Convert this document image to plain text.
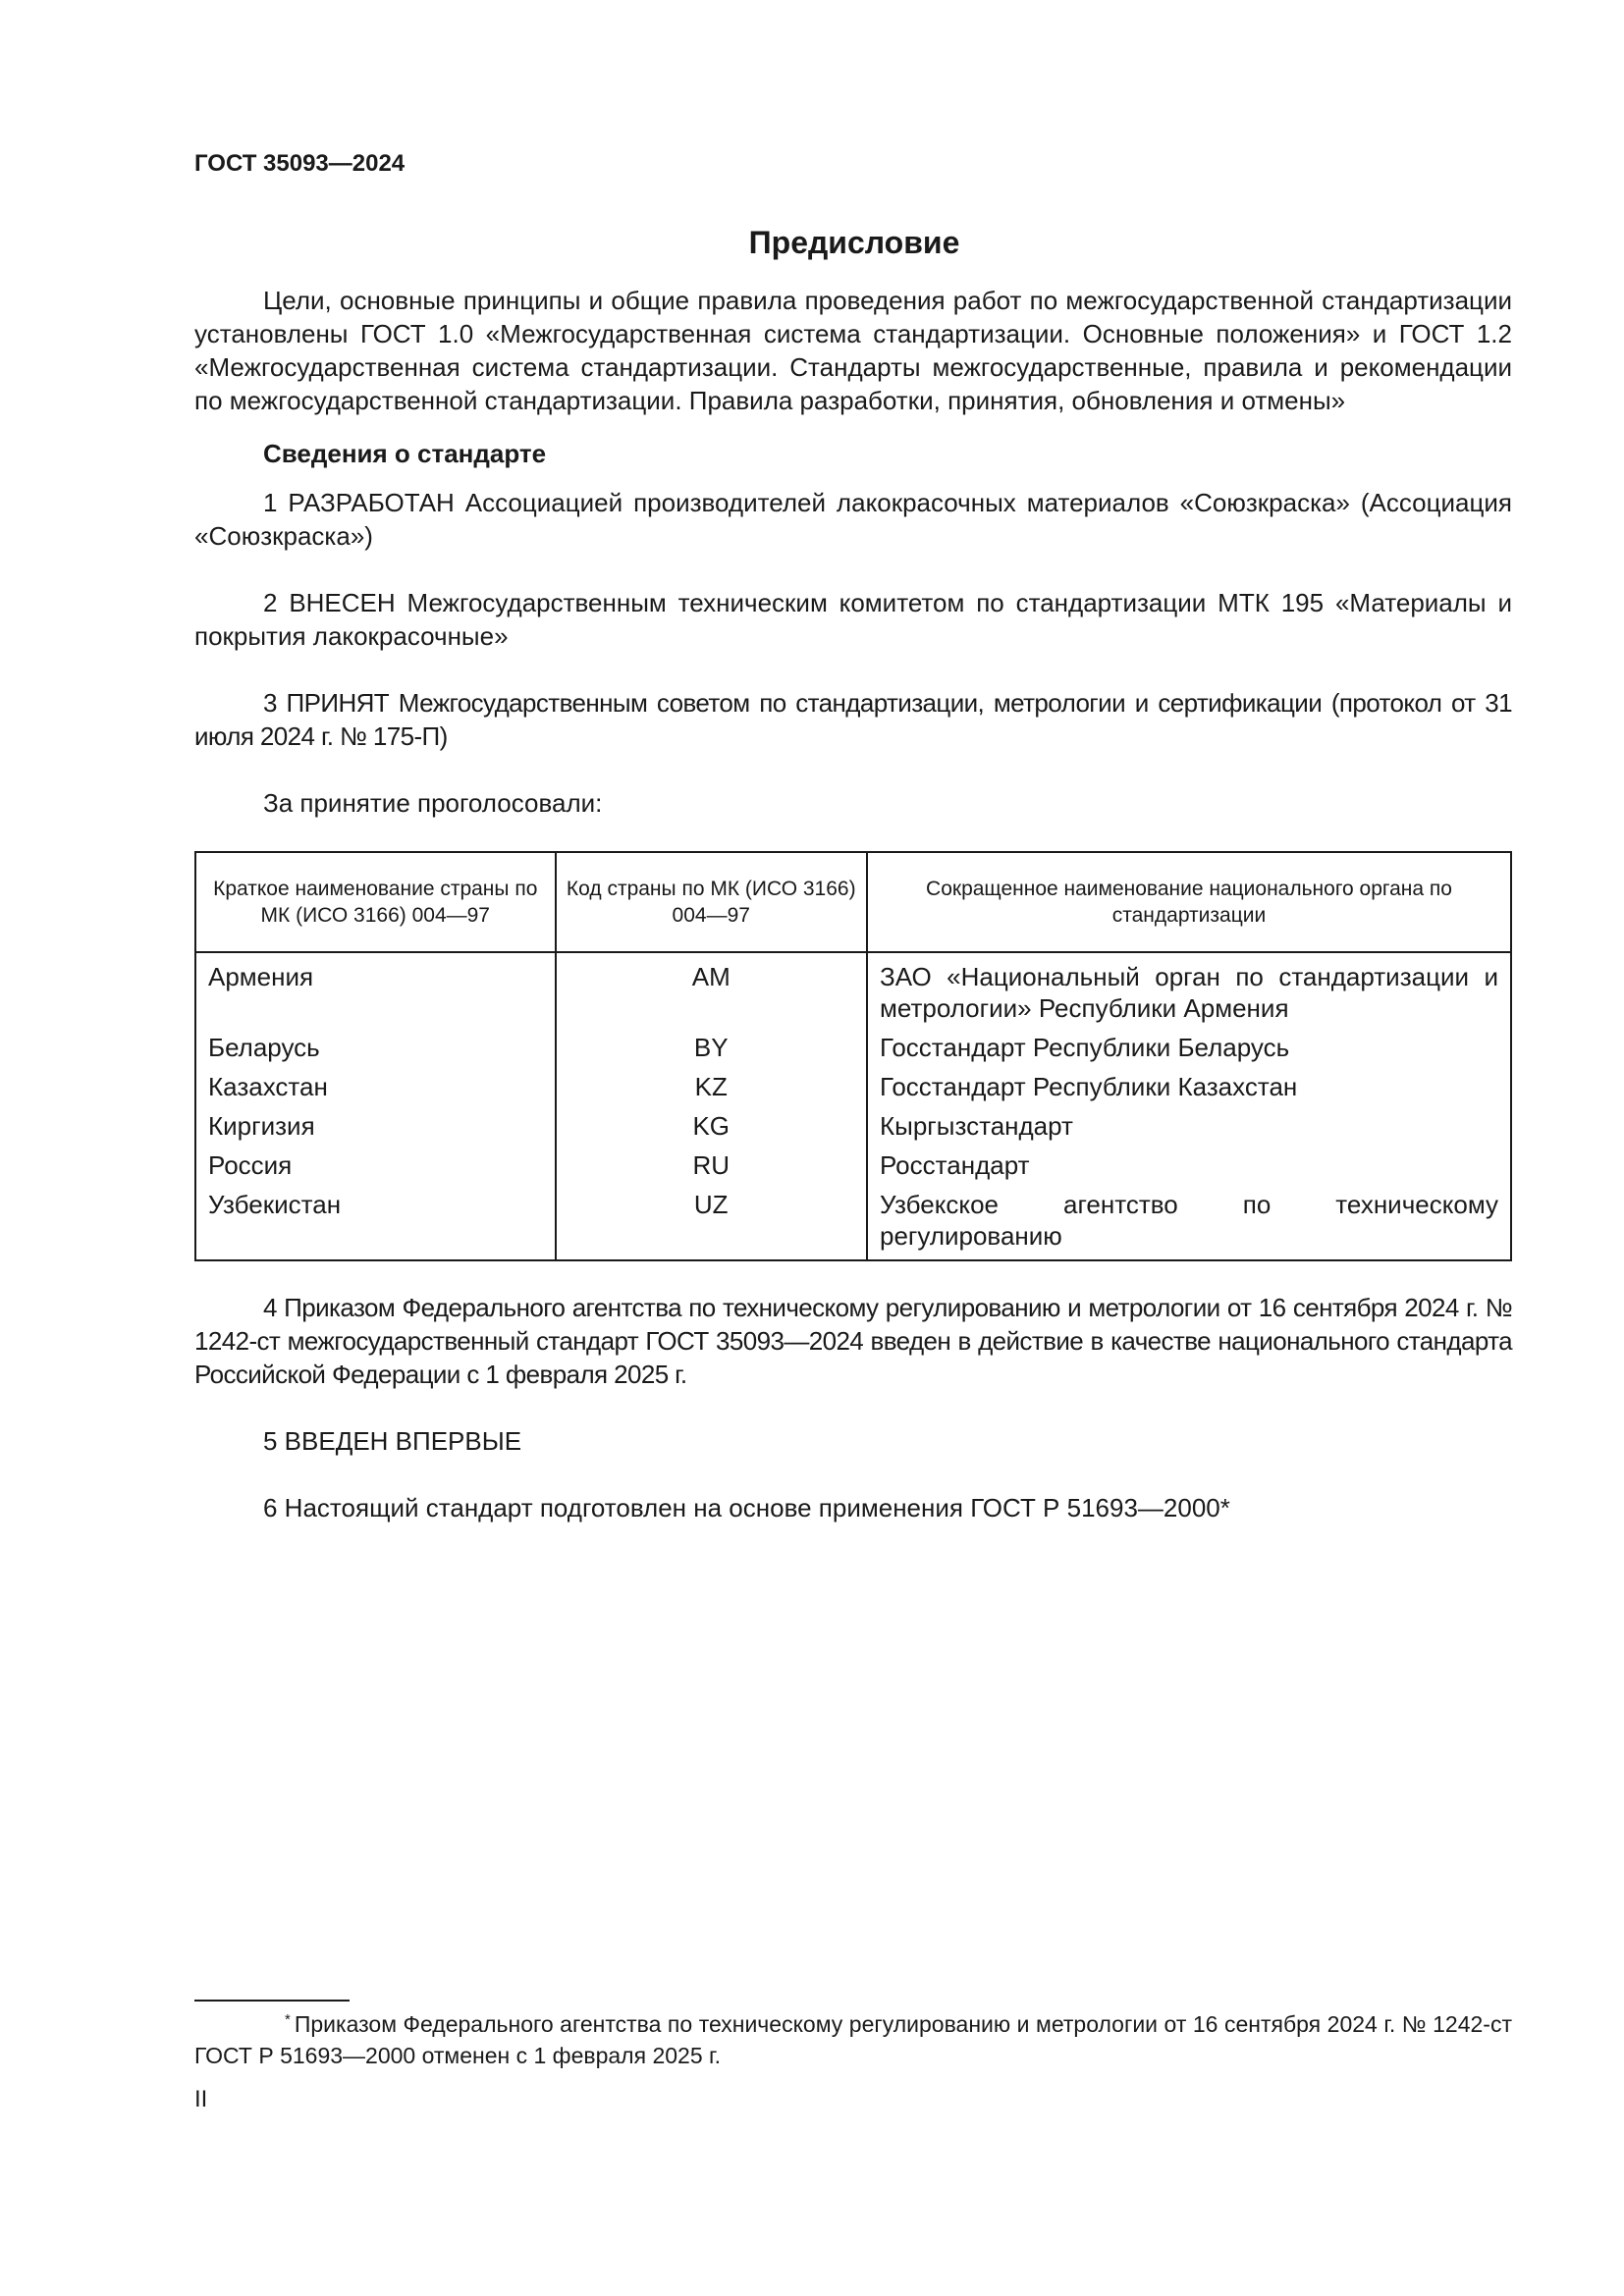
ГОСТ 35093—2024
Предисловие

Цели, основные принципы и общие правила проведения работ по межгосударственной стандартизации установлены ГОСТ 1.0 «Межгосударственная система стандартизации. Основные положения» и ГОСТ 1.2 «Межгосударственная система стандартизации. Стандарты межгосударственные, правила и рекомендации по межгосударственной стандартизации. Правила разработки, принятия, обновления и отмены»

Сведения о стандарте

1 РАЗРАБОТАН Ассоциацией производителей лакокрасочных материалов «Союзкраска» (Ассоциация «Союзкраска»)

2 ВНЕСЕН Межгосударственным техническим комитетом по стандартизации МТК 195 «Материалы и покрытия лакокрасочные»

3 ПРИНЯТ Межгосударственным советом по стандартизации, метрологии и сертификации (протокол от 31 июля 2024 г. № 175-П)

За принятие проголосовали:

Краткое наименование страны по МК (ИСО 3166) 004—97	Код страны по МК (ИСО 3166) 004—97	Сокращенное наименование национального органа по стандартизации
Армения	AM	ЗАО «Национальный орган по стандартизации и метрологии» Республики Армения
Беларусь	BY	Госстандарт Республики Беларусь
Казахстан	KZ	Госстандарт Республики Казахстан
Киргизия	KG	Кыргызстандарт
Россия	RU	Росстандарт
Узбекистан	UZ	Узбекское агентство по техническому регулированию

4 Приказом Федерального агентства по техническому регулированию и метрологии от 16 сентября 2024 г. № 1242-ст межгосударственный стандарт ГОСТ 35093—2024 введен в действие в качестве национального стандарта Российской Федерации с 1 февраля 2025 г.

5 ВВЕДЕН ВПЕРВЫЕ

6 Настоящий стандарт подготовлен на основе применения ГОСТ Р 51693—2000*

* Приказом Федерального агентства по техническому регулированию и метрологии от 16 сентября 2024 г. № 1242-ст ГОСТ Р 51693—2000 отменен с 1 февраля 2025 г.
II
